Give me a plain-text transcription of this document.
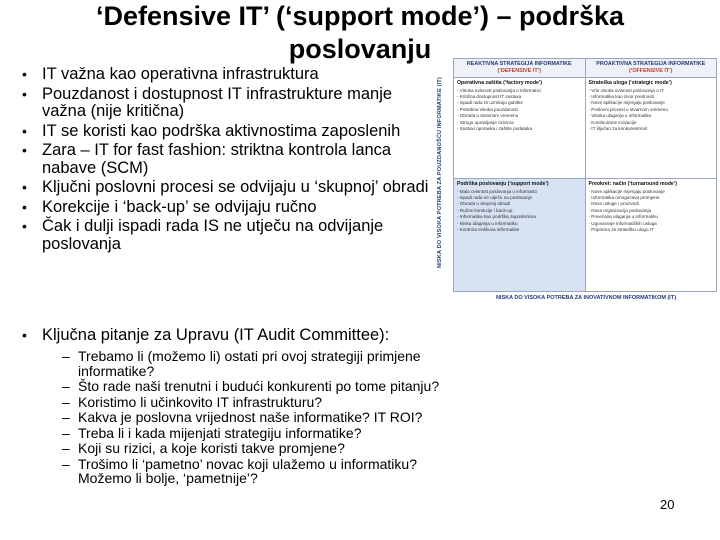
‘Defensive IT’ (‘support mode’) – podrška poslovanju
• IT važna kao operativna infrastruktura
• Pouzdanost i dostupnost IT infrastrukture manje važna (nije kritična)
• IT se koristi kao podrška aktivnostima zaposlenih
• Zara – IT for fast fashion: striktna kontrola lanca nabave (SCM)
• Ključni poslovni procesi se odvijaju u ‘skupnoj’ obradi
• Korekcije i ‘back-up’ se odvijaju ručno
• Čak i dulji ispadi rada IS ne utječu na odvijanje poslovanja
• Ključna pitanje za Upravu (IT Audit Committee):
– Trebamo li (možemo li) ostati pri ovoj strategiji primjene informatike?
– Što rade naši trenutni i budući konkurenti po tome pitanju?
– Koristimo li učinkovito IT infrastrukturu?
– Kakva je poslovna vrijednost naše informatike? IT ROI?
– Treba li i kada mijenjati strategiju informatike?
– Koji su rizici, a koje koristi takve promjene?
– Trošimo li ‘pametno’ novac koji ulažemo u informatiku? Možemo li bolje, ‘pametnije’?
NISKA DO VISOKA POTREBA ZA POUZDANOŠĆU INFORMATIKE (IT)
REAKTIVNA STRATEGIJA INFORMATIKE
(‘DEFENSIVE IT’)
PROAKTIVNA STRATEGIJA INFORMATIKE
(‘OFFENSIVE IT’)
Operativna zaštita (‘factory mode’)
- Visoka ovisnost poslovanja o informatici
- Kritična dostupnost IT sustava
- Ispadi rada IS uzrokuju gubitke
- Potrebna visoka pouzdanost
- Obrada u stvarnom vremenu
- Strogo upravljanje rizicima
- Sustavi oporavka i zaštite podataka
Strateška uloga (‘strategic mode’)
- Vrlo visoka ovisnost poslovanja o IT
- Informatika kao izvor prednosti
- Nove aplikacije mijenjaju poslovanje
- Poslovni procesi u stvarnom vremenu
- Visoka ulaganja u informatiku
- Kontinuirane inovacije
- IT ključan za konkurentnost
Podrška poslovanju (‘support mode’)
- Mala ovisnost poslovanja o informatici
- Ispadi rada ne utječu na poslovanje
- Obrada u skupnoj obradi
- Ručne korekcije i back-up
- Informatika kao podrška zaposlenima
- Niska ulaganja u informatiku
- Kontrola troškova informatike
Preokret: način (‘turnaround mode’)
- Nove aplikacije mijenjaju poslovanje
- Informatika omogućava promjene
- Nove usluge i proizvodi
- Nova organizacija poslovanja
- Povećana ulaganja u informatiku
- Ugovaranje informatičkih usluga
- Priprema za stratešku ulogu IT
NISKA DO VISOKA POTREBA ZA INOVATIVNOM INFORMATIKOM (IT)
20
